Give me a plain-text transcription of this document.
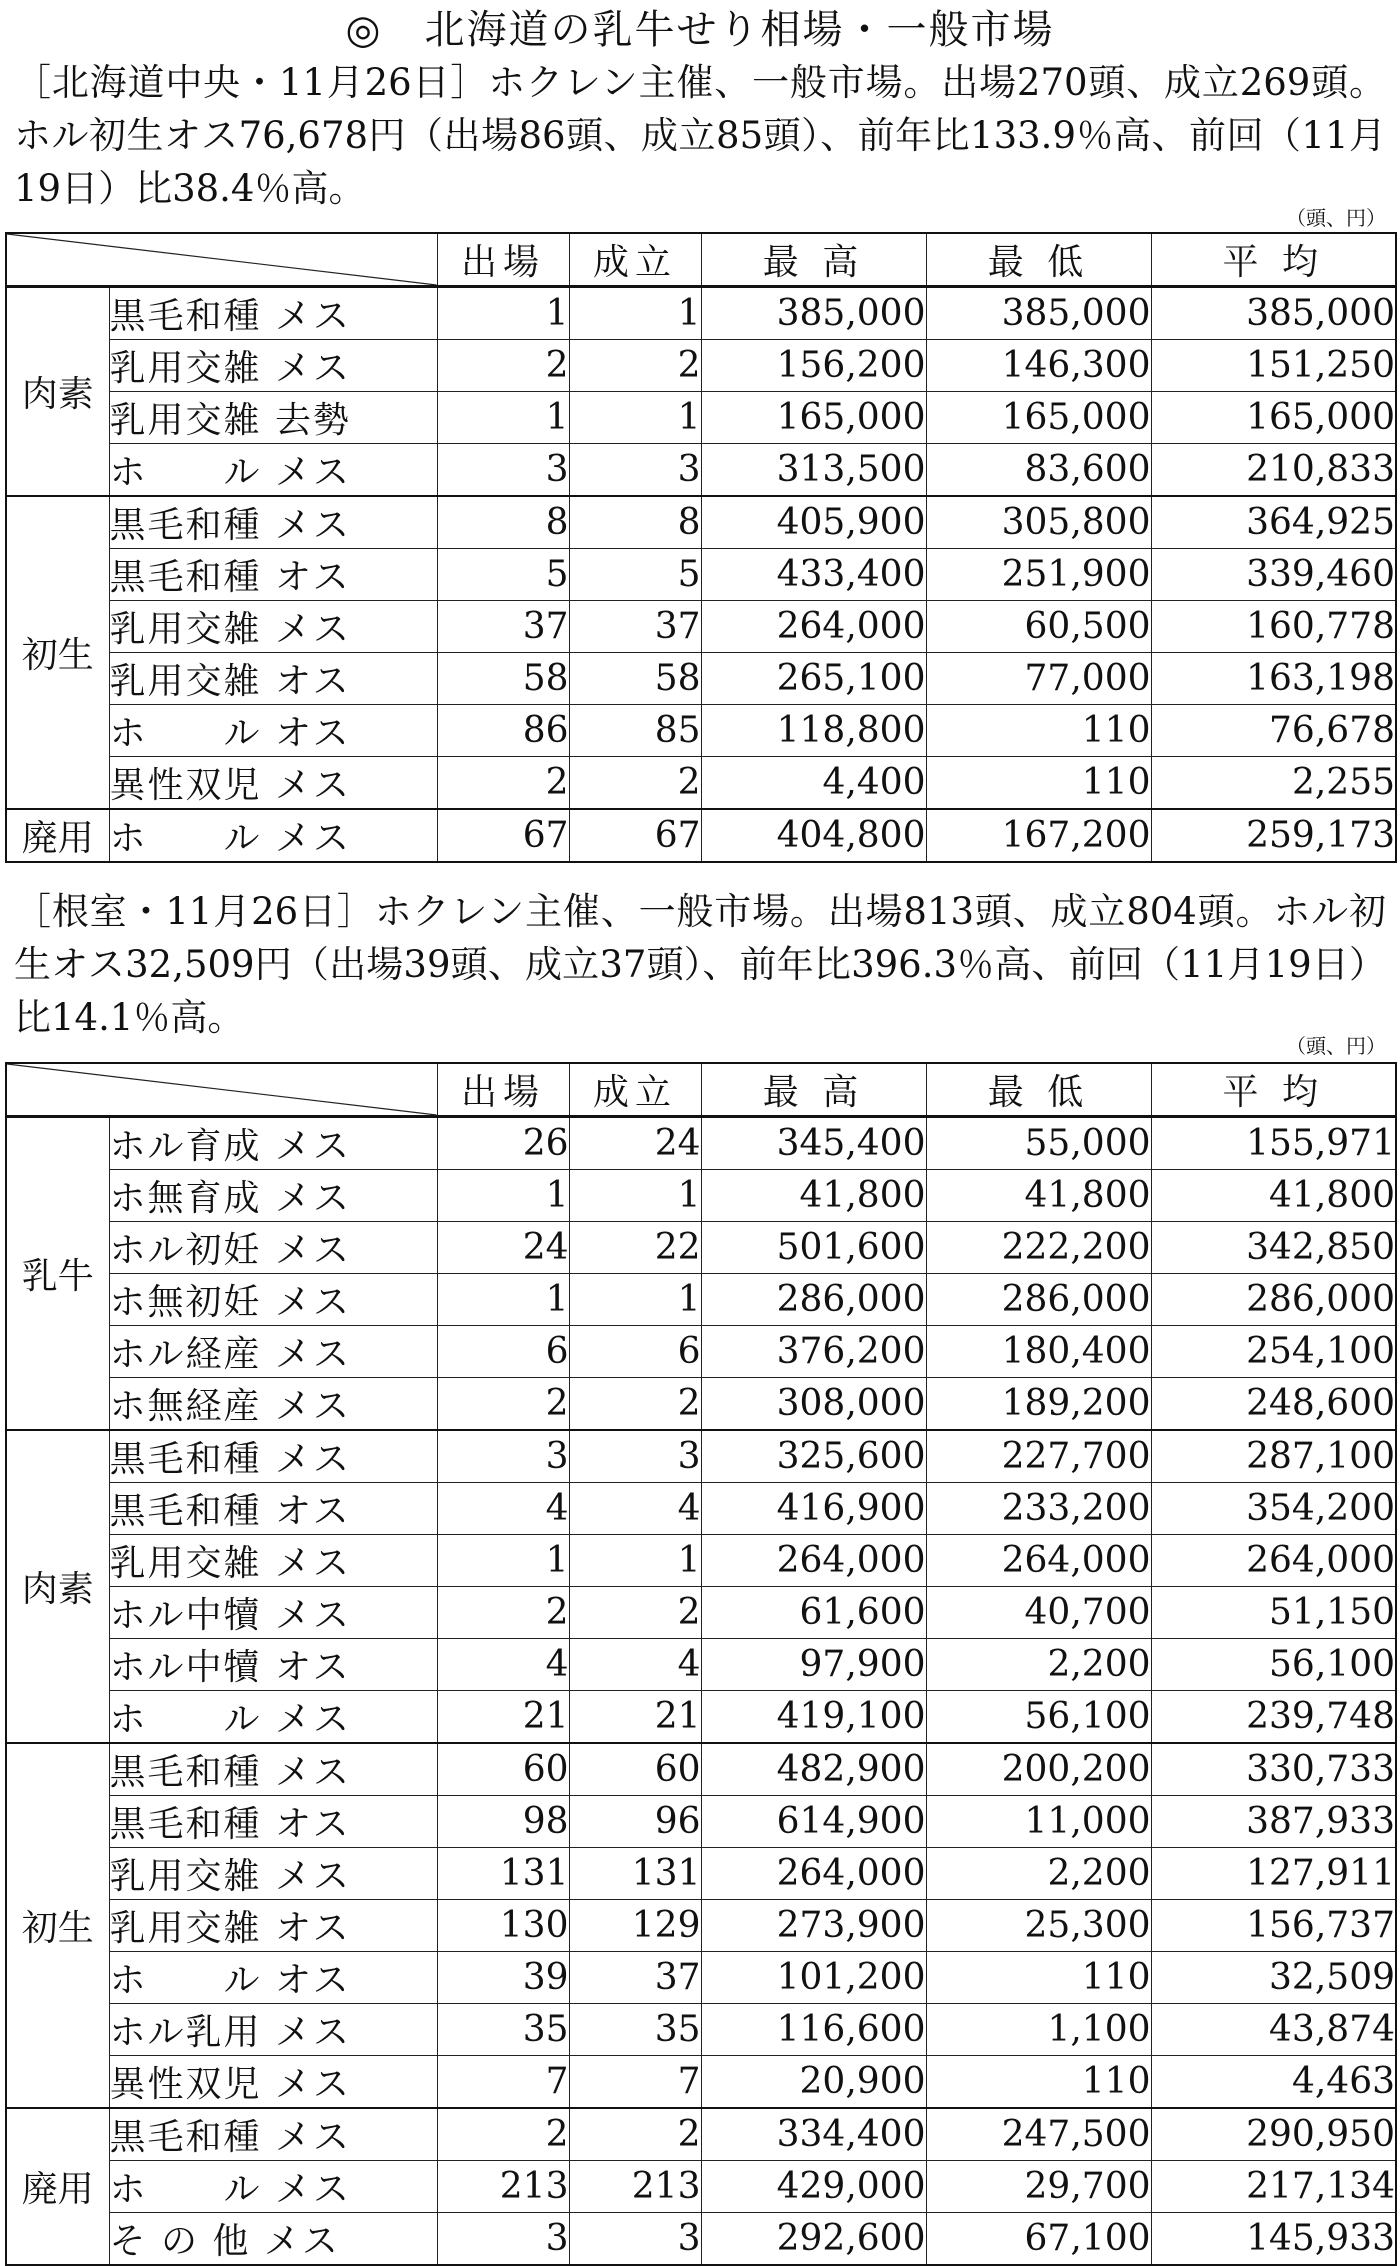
◎　北海道の乳牛せり相場・一般市場
［北海道中央・11月26日］ホクレン主催、一般市場。出場270頭、成立269頭。ホル初生オス76,678円（出場86頭、成立85頭）、前年比133.9％高、前回（11月19日）比38.4％高。
（頭、円）
	出場	成立	最 高	最 低	平 均
肉素	黒毛和種 メス	1	1	385,000	385,000	385,000
	乳用交雑 メス	2	2	156,200	146,300	151,250
	乳用交雑 去勢	1	1	165,000	165,000	165,000
	ホ　　ル メス	3	3	313,500	83,600	210,833
初生	黒毛和種 メス	8	8	405,900	305,800	364,925
	黒毛和種 オス	5	5	433,400	251,900	339,460
	乳用交雑 メス	37	37	264,000	60,500	160,778
	乳用交雑 オス	58	58	265,100	77,000	163,198
	ホ　　ル オス	86	85	118,800	110	76,678
	異性双児 メス	2	2	4,400	110	2,255
廃用	ホ　　ル メス	67	67	404,800	167,200	259,173
［根室・11月26日］ホクレン主催、一般市場。出場813頭、成立804頭。ホル初生オス32,509円（出場39頭、成立37頭）、前年比396.3％高、前回（11月19日）比14.1％高。
（頭、円）
	出場	成立	最 高	最 低	平 均
乳牛	ホル育成 メス	26	24	345,400	55,000	155,971
	ホ無育成 メス	1	1	41,800	41,800	41,800
	ホル初妊 メス	24	22	501,600	222,200	342,850
	ホ無初妊 メス	1	1	286,000	286,000	286,000
	ホル経産 メス	6	6	376,200	180,400	254,100
	ホ無経産 メス	2	2	308,000	189,200	248,600
肉素	黒毛和種 メス	3	3	325,600	227,700	287,100
	黒毛和種 オス	4	4	416,900	233,200	354,200
	乳用交雑 メス	1	1	264,000	264,000	264,000
	ホル中犢 メス	2	2	61,600	40,700	51,150
	ホル中犢 オス	4	4	97,900	2,200	56,100
	ホ　　ル メス	21	21	419,100	56,100	239,748
初生	黒毛和種 メス	60	60	482,900	200,200	330,733
	黒毛和種 オス	98	96	614,900	11,000	387,933
	乳用交雑 メス	131	131	264,000	2,200	127,911
	乳用交雑 オス	130	129	273,900	25,300	156,737
	ホ　　ル オス	39	37	101,200	110	32,509
	ホル乳用 メス	35	35	116,600	1,100	43,874
	異性双児 メス	7	7	20,900	110	4,463
廃用	黒毛和種 メス	2	2	334,400	247,500	290,950
	ホ　　ル メス	213	213	429,000	29,700	217,134
	そ の 他 メス	3	3	292,600	67,100	145,933
